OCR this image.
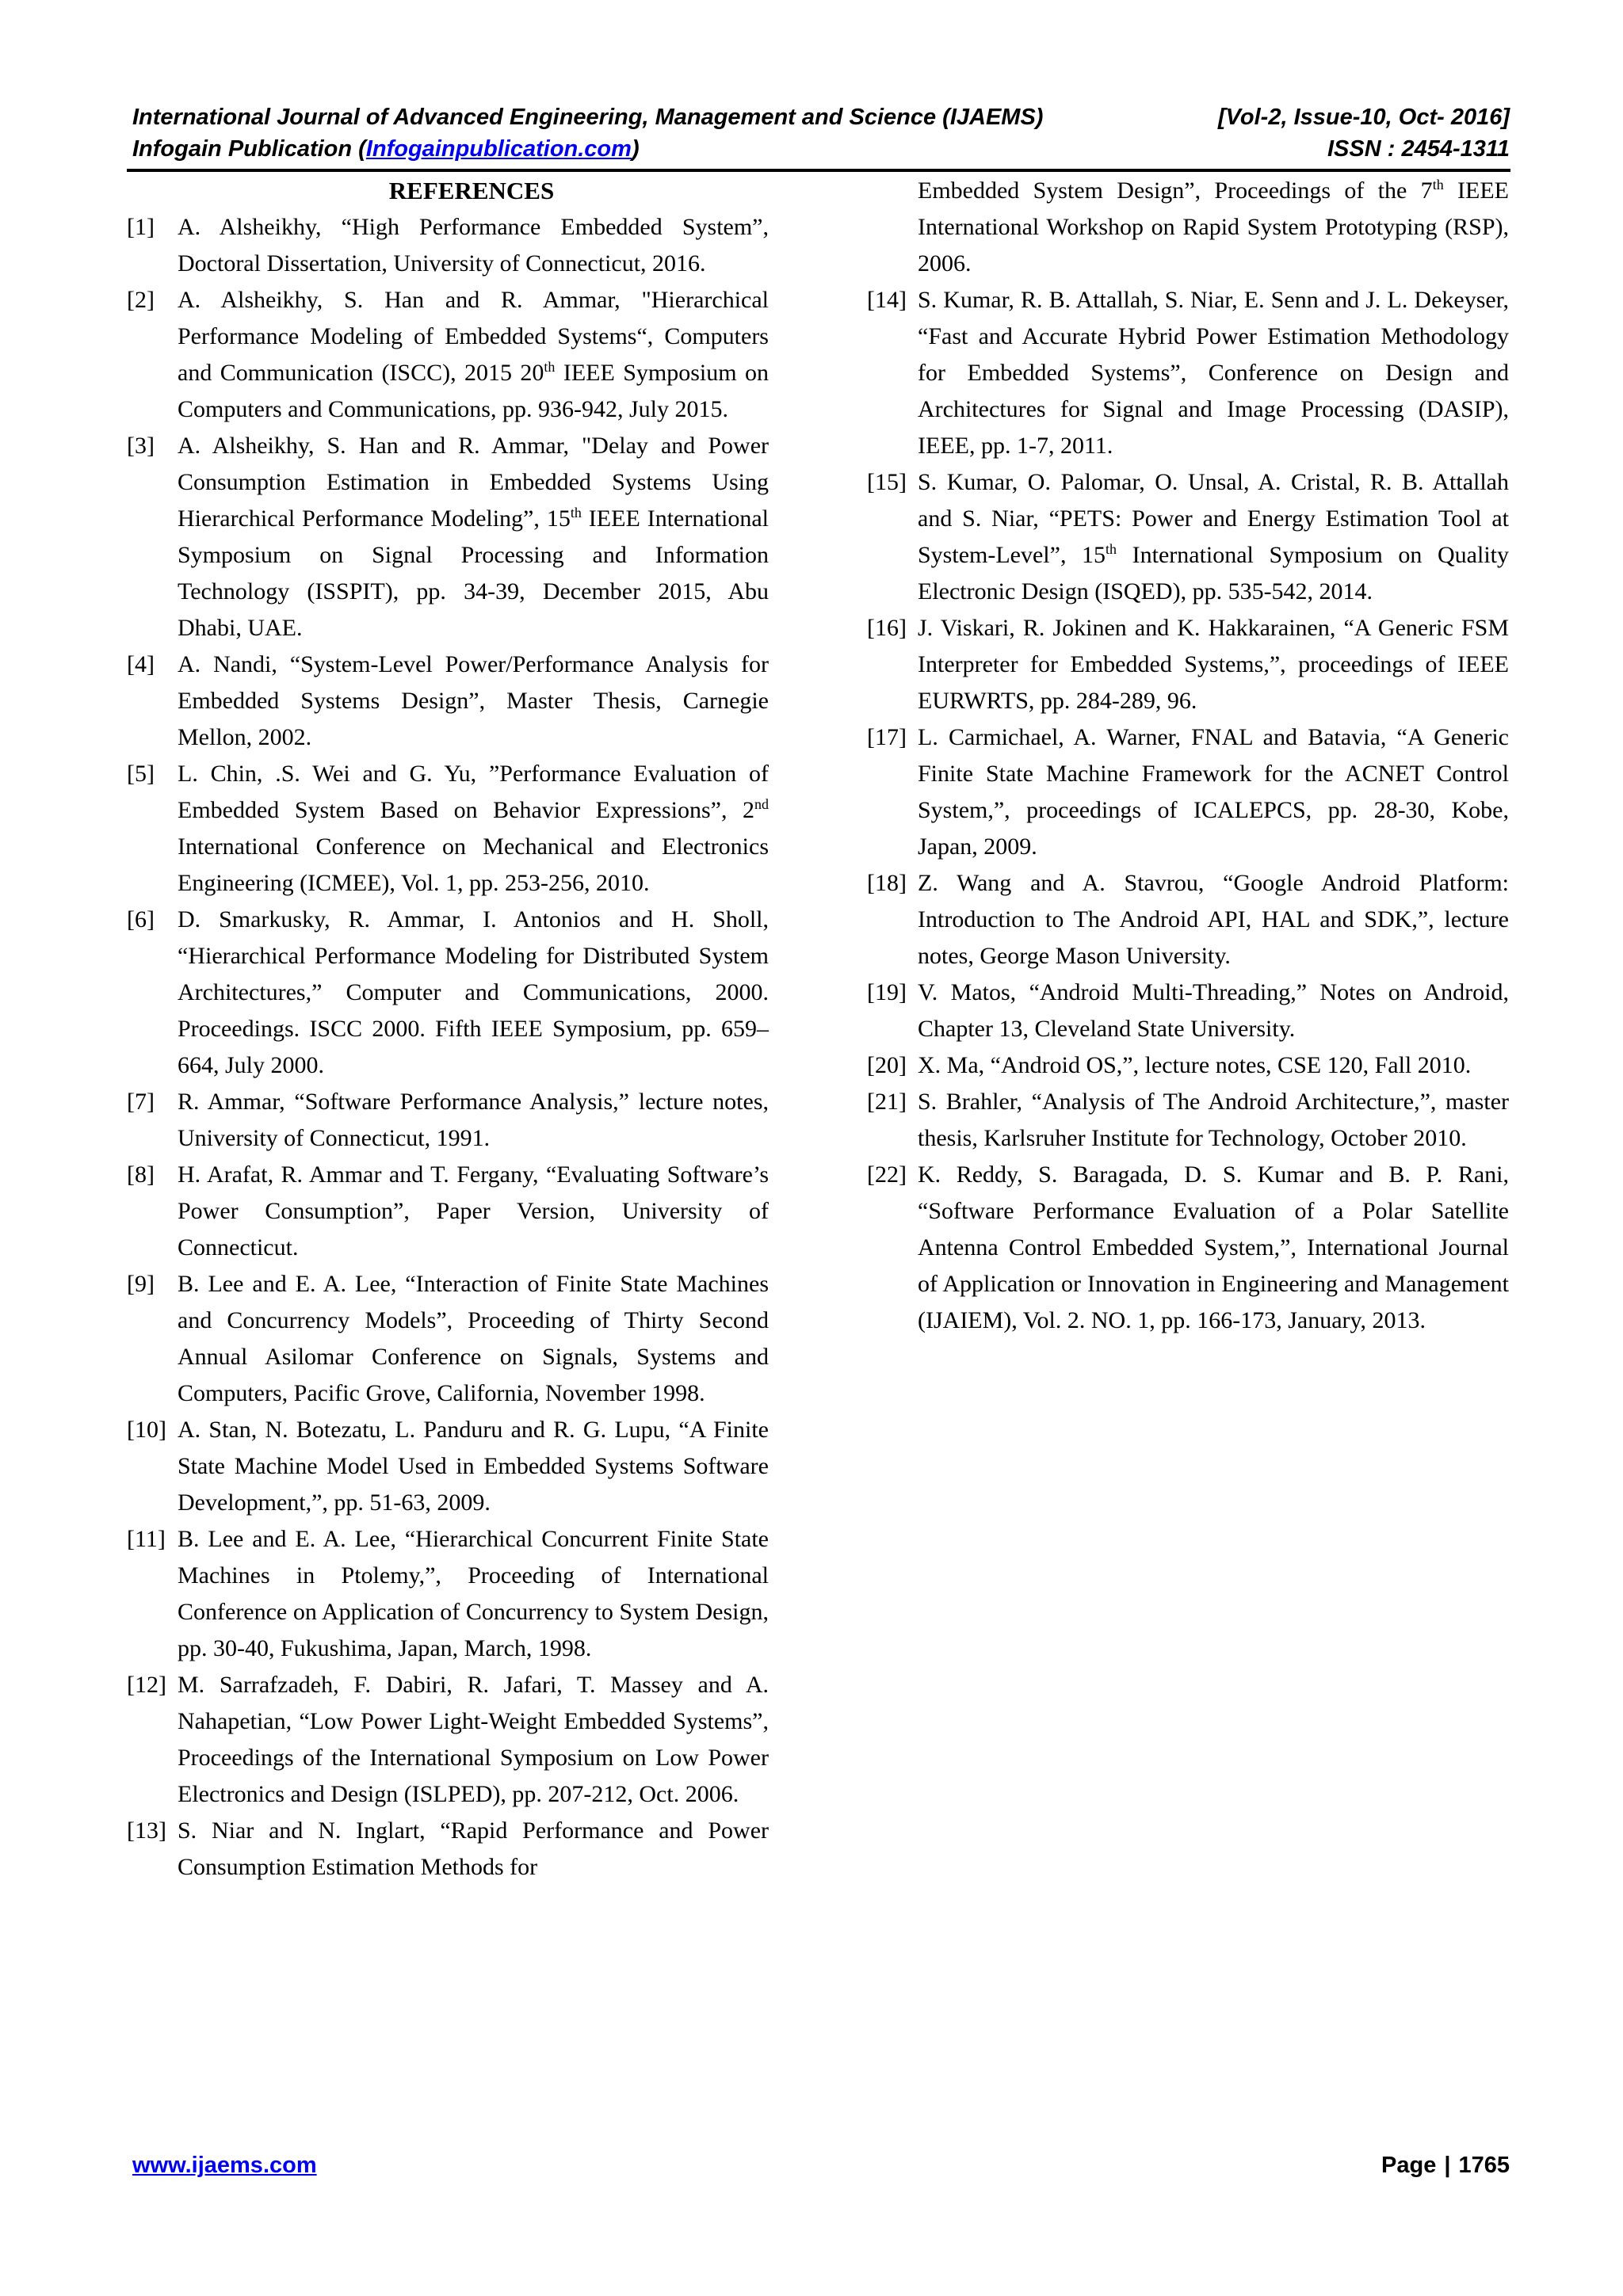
International Journal of Advanced Engineering, Management and Science (IJAEMS)	[Vol-2, Issue-10, Oct- 2016]
Infogain Publication (Infogainpublication.com)	ISSN : 2454-1311
REFERENCES
[1] A. Alsheikhy, “High Performance Embedded System”, Doctoral Dissertation, University of Connecticut, 2016.
[2] A. Alsheikhy, S. Han and R. Ammar, "Hierarchical Performance Modeling of Embedded Systems“, Computers and Communication (ISCC), 2015 20th IEEE Symposium on Computers and Communications, pp. 936-942, July 2015.
[3] A. Alsheikhy, S. Han and R. Ammar, "Delay and Power Consumption Estimation in Embedded Systems Using Hierarchical Performance Modeling”, 15th IEEE International Symposium on Signal Processing and Information Technology (ISSPIT), pp. 34-39, December 2015, Abu Dhabi, UAE.
[4] A. Nandi, “System-Level Power/Performance Analysis for Embedded Systems Design”, Master Thesis, Carnegie Mellon, 2002.
[5] L. Chin, .S. Wei and G. Yu, ”Performance Evaluation of Embedded System Based on Behavior Expressions”, 2nd International Conference on Mechanical and Electronics Engineering (ICMEE), Vol. 1, pp. 253-256, 2010.
[6] D. Smarkusky, R. Ammar, I. Antonios and H. Sholl, “Hierarchical Performance Modeling for Distributed System Architectures,” Computer and Communications, 2000. Proceedings. ISCC 2000. Fifth IEEE Symposium, pp. 659–664, July 2000.
[7] R. Ammar, “Software Performance Analysis,” lecture notes, University of Connecticut, 1991.
[8] H. Arafat, R. Ammar and T. Fergany, “Evaluating Software’s Power Consumption”, Paper Version, University of Connecticut.
[9] B. Lee and E. A. Lee, “Interaction of Finite State Machines and Concurrency Models”, Proceeding of Thirty Second Annual Asilomar Conference on Signals, Systems and Computers, Pacific Grove, California, November 1998.
[10] A. Stan, N. Botezatu, L. Panduru and R. G. Lupu, “A Finite State Machine Model Used in Embedded Systems Software Development,”, pp. 51-63, 2009.
[11] B. Lee and E. A. Lee, “Hierarchical Concurrent Finite State Machines in Ptolemy,”, Proceeding of International Conference on Application of Concurrency to System Design, pp. 30-40, Fukushima, Japan, March, 1998.
[12] M. Sarrafzadeh, F. Dabiri, R. Jafari, T. Massey and A. Nahapetian, “Low Power Light-Weight Embedded Systems”, Proceedings of the International Symposium on Low Power Electronics and Design (ISLPED), pp. 207-212, Oct. 2006.
[13] S. Niar and N. Inglart, “Rapid Performance and Power Consumption Estimation Methods for
Embedded System Design”, Proceedings of the 7th IEEE International Workshop on Rapid System Prototyping (RSP), 2006.
[14] S. Kumar, R. B. Attallah, S. Niar, E. Senn and J. L. Dekeyser, “Fast and Accurate Hybrid Power Estimation Methodology for Embedded Systems”, Conference on Design and Architectures for Signal and Image Processing (DASIP), IEEE, pp. 1-7, 2011.
[15] S. Kumar, O. Palomar, O. Unsal, A. Cristal, R. B. Attallah and S. Niar, “PETS: Power and Energy Estimation Tool at System-Level”, 15th International Symposium on Quality Electronic Design (ISQED), pp. 535-542, 2014.
[16] J. Viskari, R. Jokinen and K. Hakkarainen, “A Generic FSM Interpreter for Embedded Systems,”, proceedings of IEEE EURWRTS, pp. 284-289, 96.
[17] L. Carmichael, A. Warner, FNAL and Batavia, “A Generic Finite State Machine Framework for the ACNET Control System,”, proceedings of ICALEPCS, pp. 28-30, Kobe, Japan, 2009.
[18] Z. Wang and A. Stavrou, “Google Android Platform: Introduction to The Android API, HAL and SDK,”, lecture notes, George Mason University.
[19] V. Matos, “Android Multi-Threading,” Notes on Android, Chapter 13, Cleveland State University.
[20] X. Ma, “Android OS,”, lecture notes, CSE 120, Fall 2010.
[21] S. Brahler, “Analysis of The Android Architecture,”, master thesis, Karlsruher Institute for Technology, October 2010.
[22] K. Reddy, S. Baragada, D. S. Kumar and B. P. Rani, “Software Performance Evaluation of a Polar Satellite Antenna Control Embedded System,”, International Journal of Application or Innovation in Engineering and Management (IJAIEM), Vol. 2. NO. 1, pp. 166-173, January, 2013.
www.ijaems.com	Page | 1765
